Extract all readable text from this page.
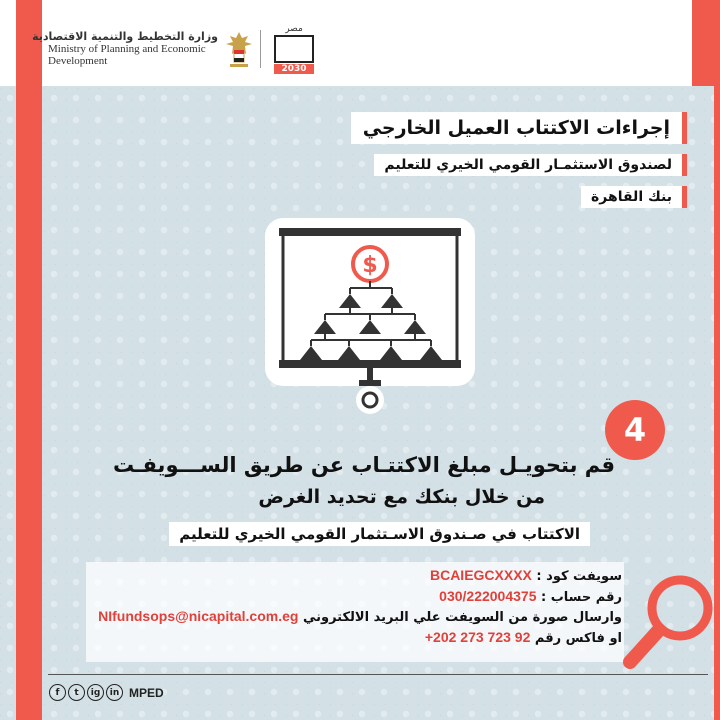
وزارة التخطيط والتنمية الاقتصادية
Ministry of Planning and Economic
Development
مصر
2030
إجراءات الاكتتاب العميل الخارجي
لصندوق الاستثمـار القومي الخيري للتعليم
بنك القاهرة
$
4
قم بتحويـل مبلغ الاكتتـاب عن طريق الســـويفـت
من خلال بنكك مع تحديد الغرض
الاكتتاب في صـندوق الاسـتثمار القومي الخيري للتعليم
سويفت كود : BCAIEGCXXXX
رقم حساب : 030/222004375
وارسال صورة من السويفت علي البريد الالكتروني NIfundsops@nicapital.com.eg
او فاكس رقم +202 273 723 92
f	t	ig	in MPED
